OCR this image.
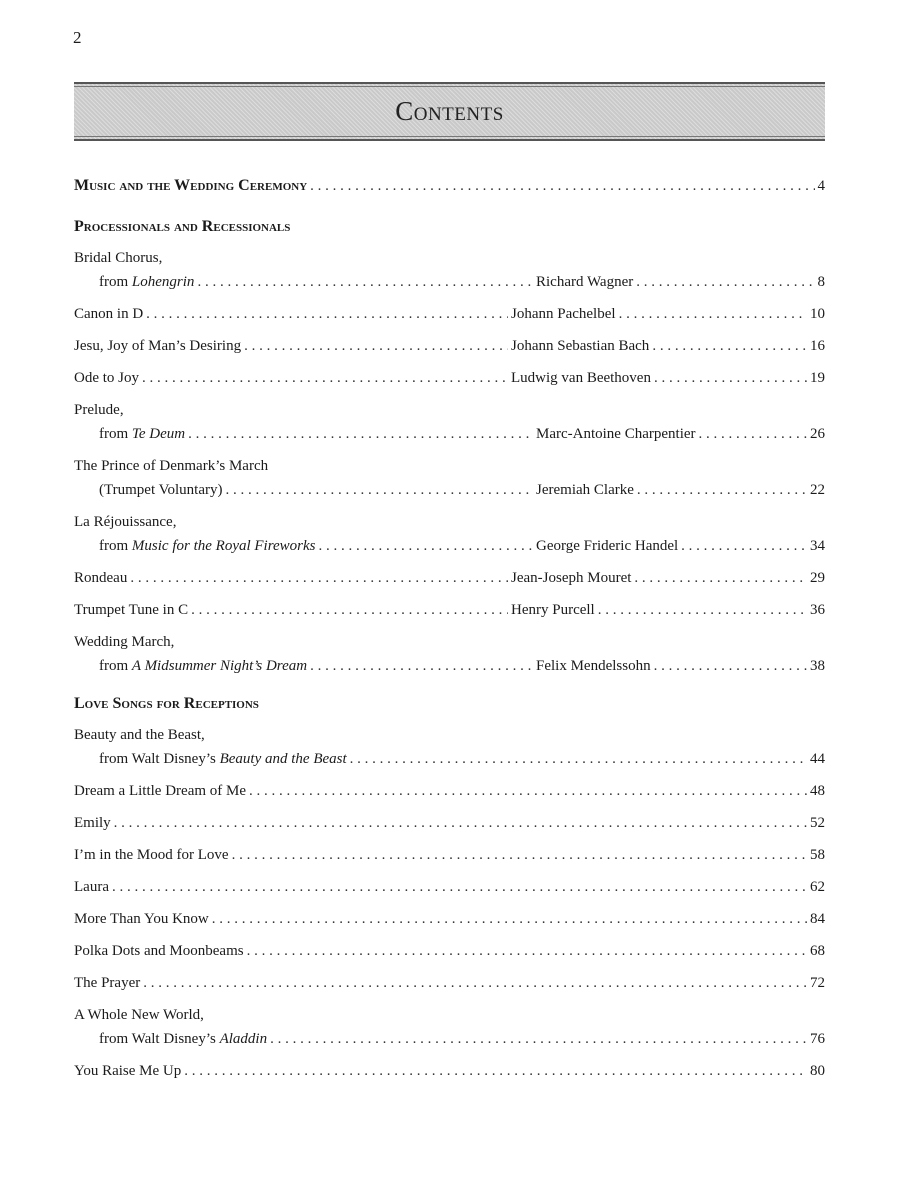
2
Contents
Music and the Wedding Ceremony . . .	4
Processionals and Recessionals
Bridal Chorus,
from Lohengrin . . .	Richard Wagner . . .	8
Canon in D . . .	Johann Pachelbel . . .	10
Jesu, Joy of Man’s Desiring . . .	Johann Sebastian Bach . . .	16
Ode to Joy . . .	Ludwig van Beethoven . . .	19
Prelude,
from Te Deum . . .	Marc-Antoine Charpentier . . .	26
The Prince of Denmark’s March
(Trumpet Voluntary) . . .	Jeremiah Clarke . . .	22
La Réjouissance,
from Music for the Royal Fireworks . . .	George Frideric Handel . . .	34
Rondeau . . .	Jean-Joseph Mouret . . .	29
Trumpet Tune in C . . .	Henry Purcell . . .	36
Wedding March,
from A Midsummer Night’s Dream . . .	Felix Mendelssohn . . .	38
Love Songs for Receptions
Beauty and the Beast,
from Walt Disney’s Beauty and the Beast . . .	44
Dream a Little Dream of Me . . .	48
Emily . . .	52
I’m in the Mood for Love . . .	58
Laura . . .	62
More Than You Know . . .	84
Polka Dots and Moonbeams . . .	68
The Prayer . . .	72
A Whole New World,
from Walt Disney’s Aladdin . . .	76
You Raise Me Up . . .	80
